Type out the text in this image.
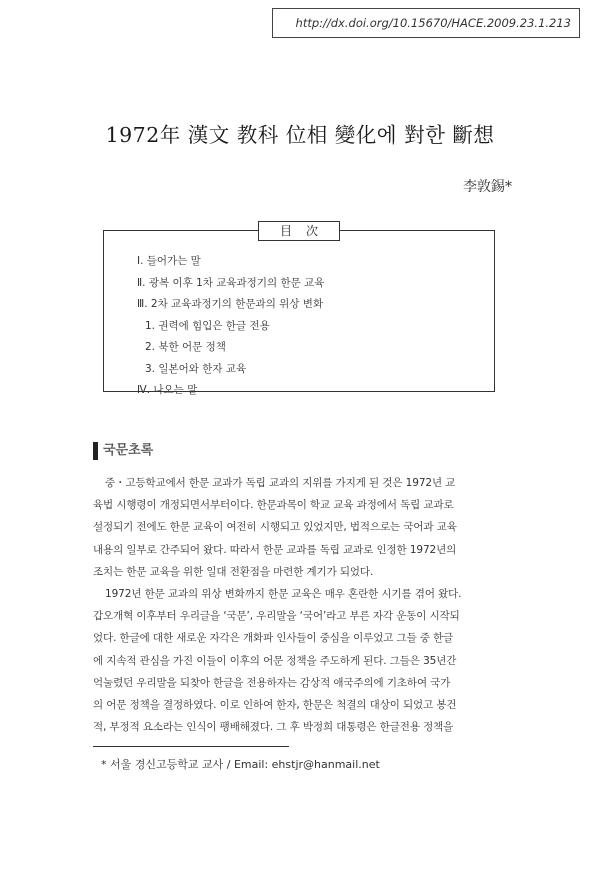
http://dx.doi.org/10.15670/HACE.2009.23.1.213
1972年 漢文 教科 位相 變化에 對한 斷想
李敦錫*
目次
Ⅰ. 들어가는 말
Ⅱ. 광복 이후 1차 교육과정기의 한문 교육
Ⅲ. 2차 교육과정기의 한문과의 위상 변화
1. 권력에 힘입은 한글 전용
2. 북한 어문 정책
3. 일본어와 한자 교육
Ⅳ. 나오는 말
국문초록
중・고등학교에서 한문 교과가 독립 교과의 지위를 가지게 된 것은 1972년 교
육법 시행령이 개정되면서부터이다. 한문과목이 학교 교육 과정에서 독립 교과로
설정되기 전에도 한문 교육이 여전히 시행되고 있었지만, 법적으로는 국어과 교육
내용의 일부로 간주되어 왔다. 따라서 한문 교과를 독립 교과로 인정한 1972년의
조치는 한문 교육을 위한 일대 전환점을 마련한 계기가 되었다.
1972년 한문 교과의 위상 변화까지 한문 교육은 매우 혼란한 시기를 겪어 왔다.
갑오개혁 이후부터 우리글을 ‘국문’, 우리말을 ‘국어’라고 부른 자각 운동이 시작되
었다. 한글에 대한 새로운 자각은 개화파 인사들이 중심을 이루었고 그들 중 한글
에 지속적 관심을 가진 이들이 이후의 어문 정책을 주도하게 된다. 그들은 35년간
억눌렸던 우리말을 되찾아 한글을 전용하자는 감상적 애국주의에 기초하여 국가
의 어문 정책을 결정하였다. 이로 인하여 한자, 한문은 척결의 대상이 되었고 봉건
적, 부정적 요소라는 인식이 팽배해졌다. 그 후 박정희 대통령은 한글전용 정책을
* 서울 경신고등학교 교사 / Email: ehstjr@hanmail.net
